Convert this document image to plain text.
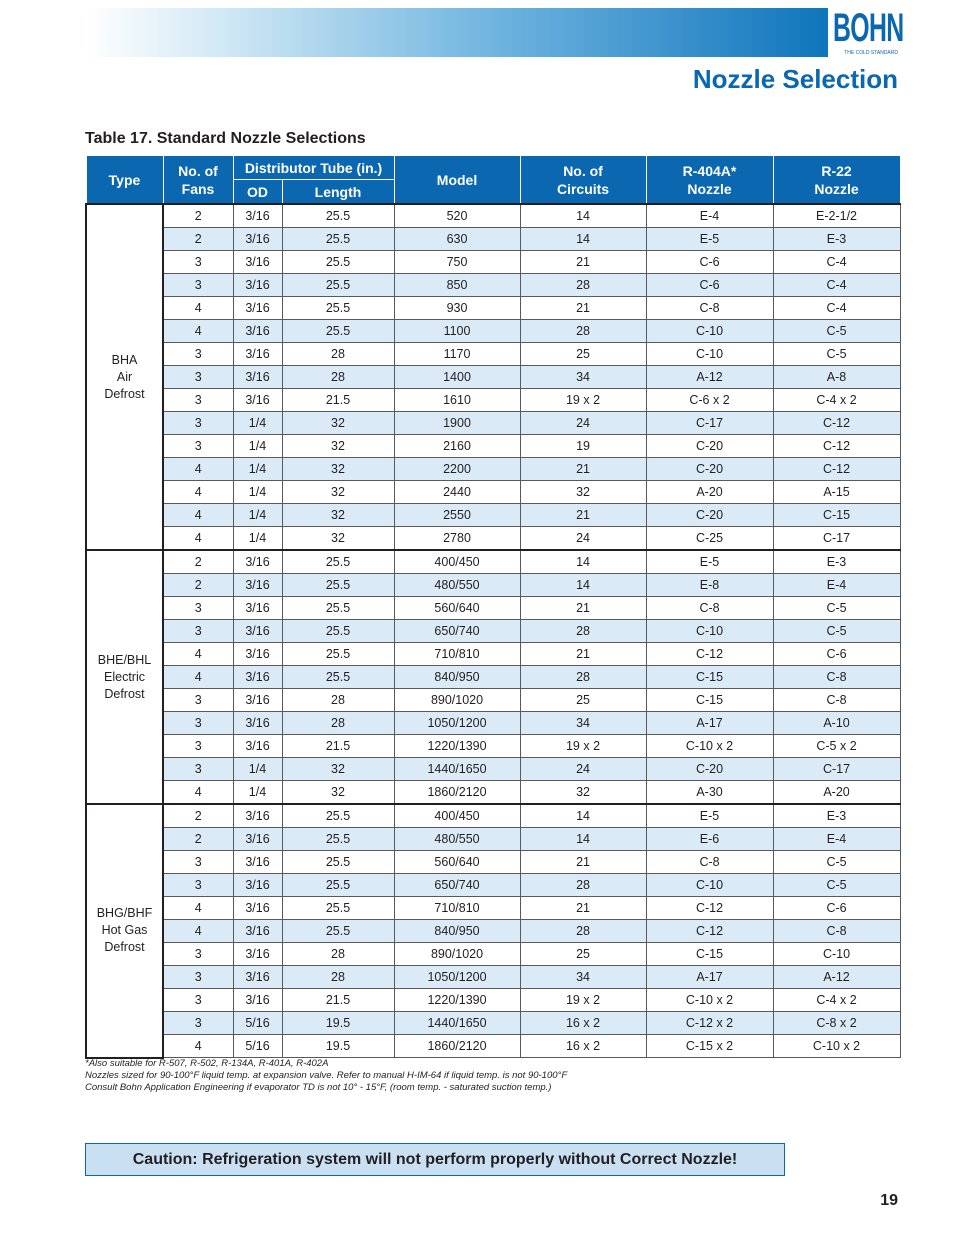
BOHN
THE COLD STANDARD
Nozzle Selection
Table 17. Standard Nozzle Selections
Type	No. of Fans	Distributor Tube (in.)		Model	No. of Circuits	R-404A* Nozzle	R-22 Nozzle
		OD	Length				

BHA
Air
Defrost	2	3/16	25.5	520	14	E-4	E-2-1/2
	2	3/16	25.5	630	14	E-5	E-3
	3	3/16	25.5	750	21	C-6	C-4
	3	3/16	25.5	850	28	C-6	C-4
	4	3/16	25.5	930	21	C-8	C-4
	4	3/16	25.5	1100	28	C-10	C-5
	3	3/16	28	1170	25	C-10	C-5
	3	3/16	28	1400	34	A-12	A-8
	3	3/16	21.5	1610	19 x 2	C-6 x 2	C-4 x 2
	3	1/4	32	1900	24	C-17	C-12
	3	1/4	32	2160	19	C-20	C-12
	4	1/4	32	2200	21	C-20	C-12
	4	1/4	32	2440	32	A-20	A-15
	4	1/4	32	2550	21	C-20	C-15
	4	1/4	32	2780	24	C-25	C-17

BHE/BHL
Electric
Defrost	2	3/16	25.5	400/450	14	E-5	E-3
	2	3/16	25.5	480/550	14	E-8	E-4
	3	3/16	25.5	560/640	21	C-8	C-5
	3	3/16	25.5	650/740	28	C-10	C-5
	4	3/16	25.5	710/810	21	C-12	C-6
	4	3/16	25.5	840/950	28	C-15	C-8
	3	3/16	28	890/1020	25	C-15	C-8
	3	3/16	28	1050/1200	34	A-17	A-10
	3	3/16	21.5	1220/1390	19 x 2	C-10 x 2	C-5 x 2
	3	1/4	32	1440/1650	24	C-20	C-17
	4	1/4	32	1860/2120	32	A-30	A-20

BHG/BHF
Hot Gas
Defrost	2	3/16	25.5	400/450	14	E-5	E-3
	2	3/16	25.5	480/550	14	E-6	E-4
	3	3/16	25.5	560/640	21	C-8	C-5
	3	3/16	25.5	650/740	28	C-10	C-5
	4	3/16	25.5	710/810	21	C-12	C-6
	4	3/16	25.5	840/950	28	C-12	C-8
	3	3/16	28	890/1020	25	C-15	C-10
	3	3/16	28	1050/1200	34	A-17	A-12
	3	3/16	21.5	1220/1390	19 x 2	C-10 x 2	C-4 x 2
	3	5/16	19.5	1440/1650	16 x 2	C-12 x 2	C-8 x 2
	4	5/16	19.5	1860/2120	16 x 2	C-15 x 2	C-10 x 2
*Also suitable for R-507, R-502, R-134A, R-401A, R-402A
Nozzles sized for 90-100°F liquid temp. at expansion valve. Refer to manual H-IM-64 if liquid temp. is not 90-100°F
Consult Bohn Application Engineering if evaporator TD is not 10° - 15°F, (room temp. - saturated suction temp.)
Caution: Refrigeration system will not perform properly without Correct Nozzle!
19
